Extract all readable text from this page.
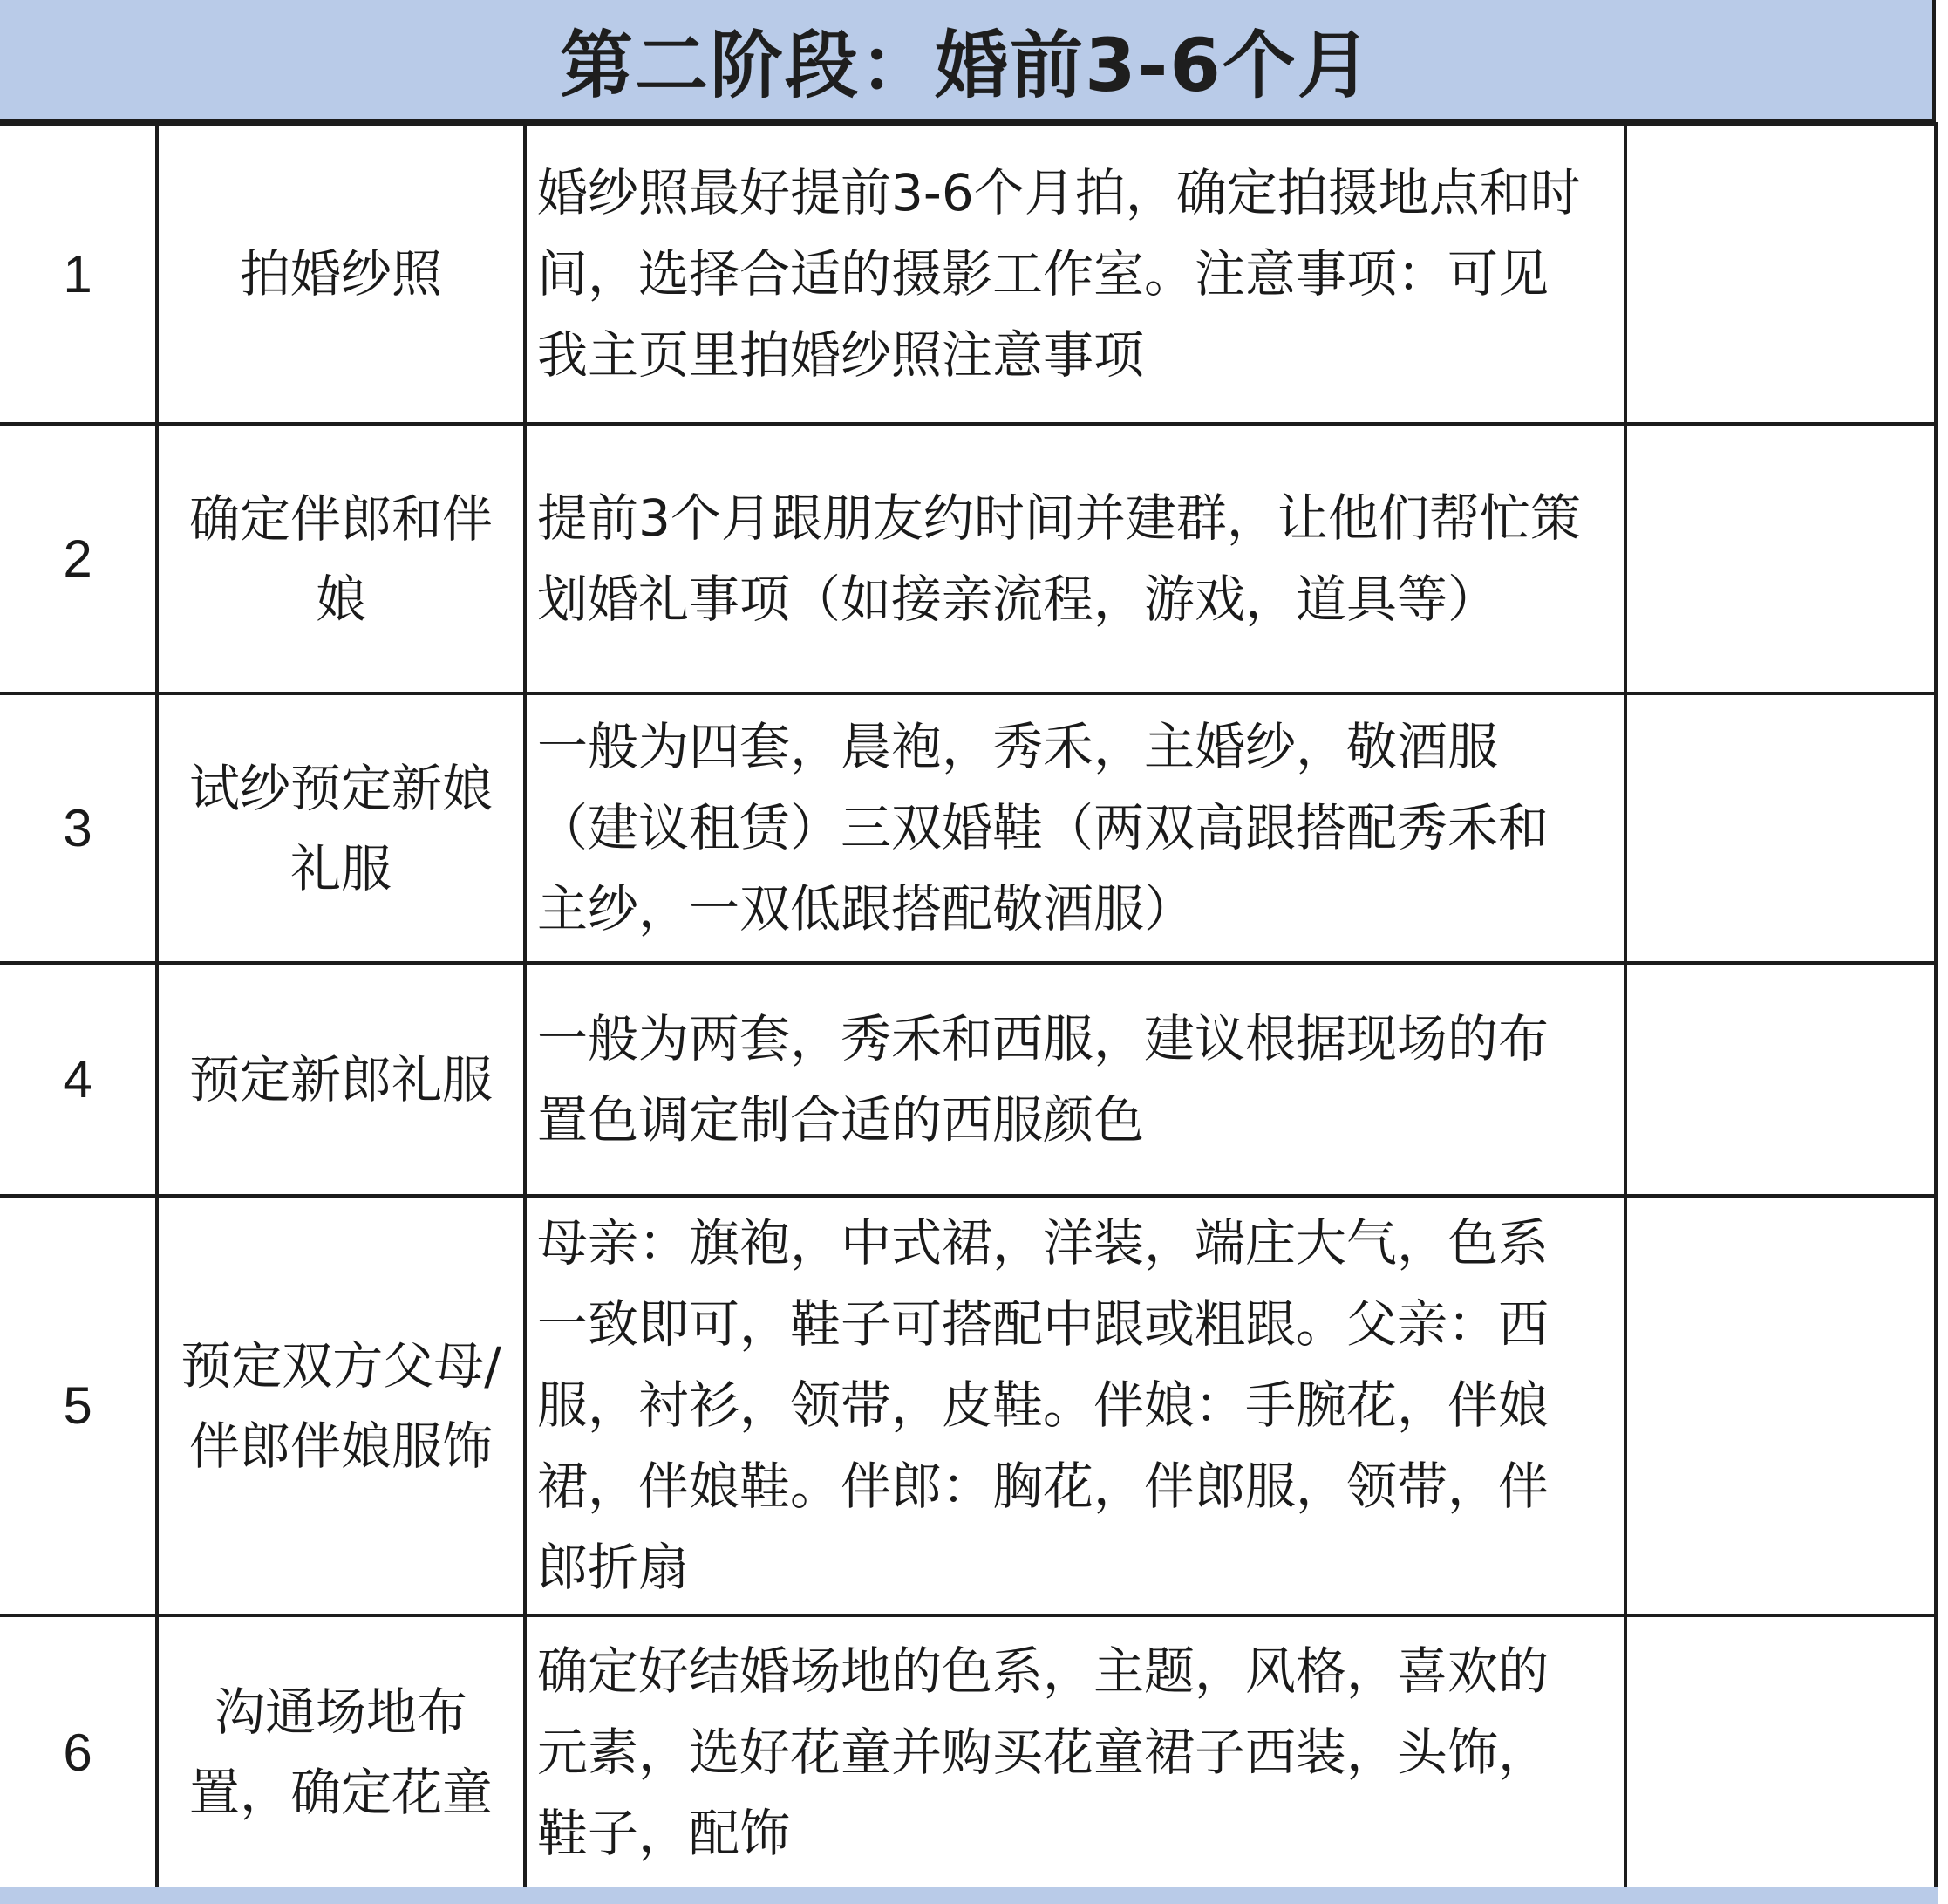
第二阶段：婚前3-6个月
1	拍婚纱照	婚纱照最好提前3-6个月拍，确定拍摄地点和时间，选择合适的摄影工作室。注意事项：可见我主页里拍婚纱照注意事项	
2	确定伴郎和伴娘	提前3个月跟朋友约时间并建群，让他们帮忙策划婚礼事项（如接亲流程，游戏，道具等）	
3	试纱预定新娘礼服	一般为四套，晨袍，秀禾，主婚纱，敬酒服（建议租赁）三双婚鞋（两双高跟搭配秀禾和主纱，一双低跟搭配敬酒服）	
4	预定新郎礼服	一般为两套，秀禾和西服，建议根据现场的布置色调定制合适的西服颜色	
5	预定双方父母/伴郎伴娘服饰	母亲：旗袍，中式裙，洋装，端庄大气，色系一致即可，鞋子可搭配中跟或粗跟。父亲：西服，衬衫，领带，皮鞋。伴娘：手腕花，伴娘裙，伴娘鞋。伴郎：胸花，伴郎服，领带，伴郎折扇	
6	沟通场地布置，确定花童	确定好结婚场地的色系，主题，风格，喜欢的元素，选好花童并购买花童裙子西装，头饰，鞋子，配饰	
